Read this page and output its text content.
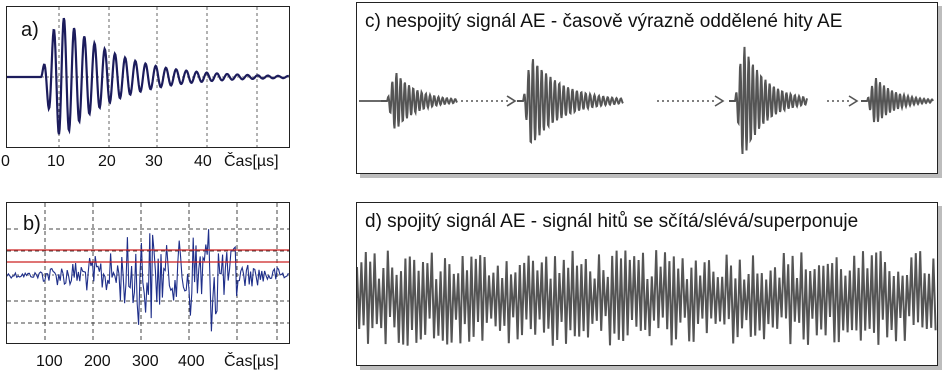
a)
0 10 20 30 40 Čas[µs]
b)
100 200 300 400 Čas[µs]
c) nespojitý signál AE - časově výrazně oddělené hity AE
d) spojitý signál AE - signál hitů se sčítá/slévá/superponuje
